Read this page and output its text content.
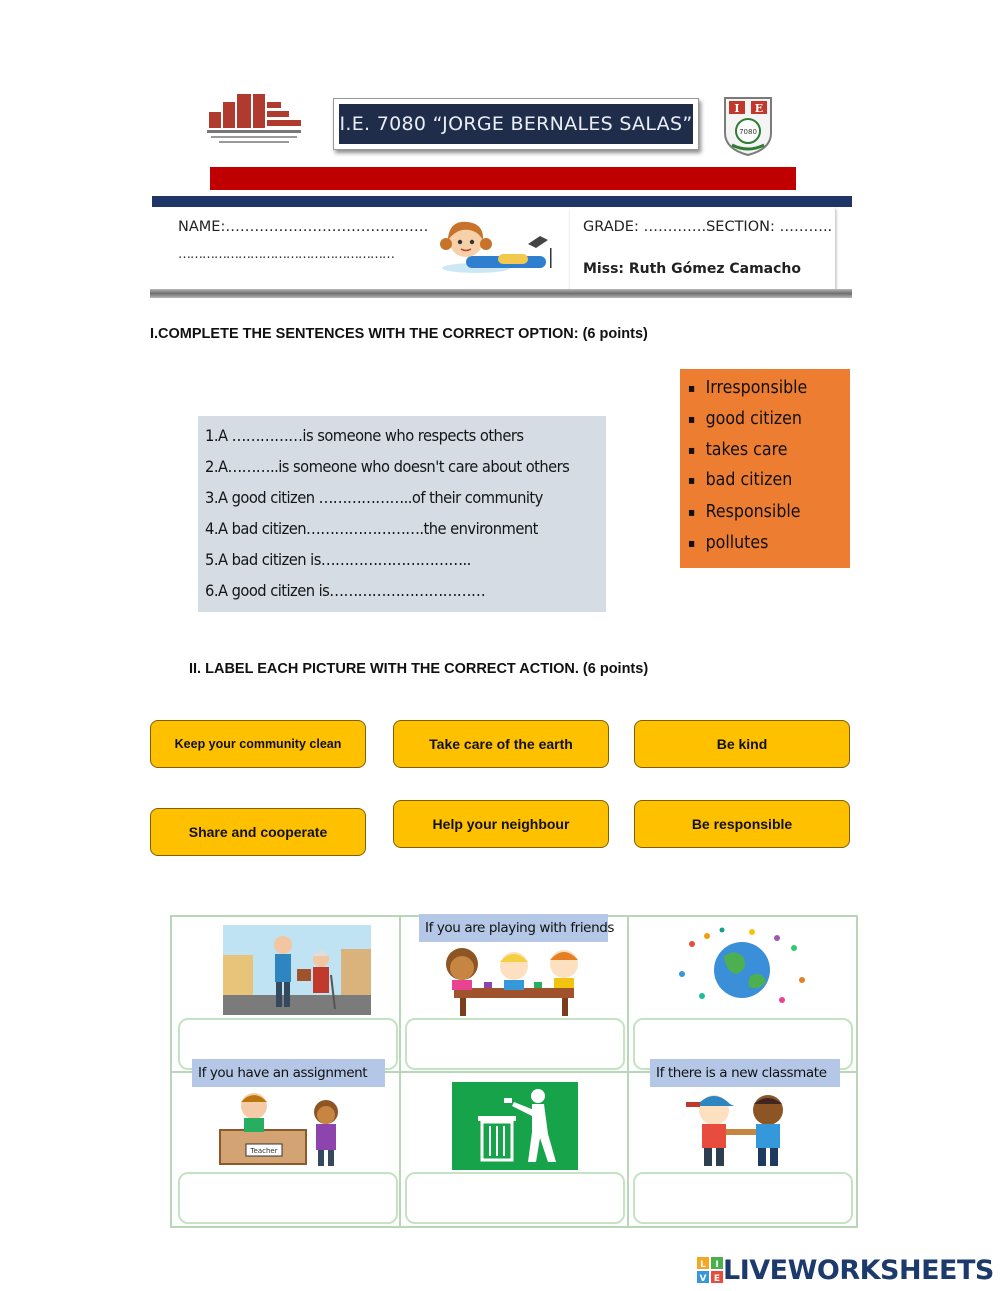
I.E. 7080 “JORGE BERNALES SALAS”
I E
7080
NAME:……………………………………
………………………………………………
GRADE: ………….SECTION: ………..
Miss: Ruth Gómez Camacho
I.COMPLETE THE SENTENCES WITH THE CORRECT OPTION: (6 points)
1.A ……………is someone who respects others
2.A………..is someone who doesn't care about others
3.A good citizen ………………..of their community
4.A bad citizen…………………….the environment
5.A bad citizen is…………………………..
6.A good citizen is……………………………
▪ Irresponsible
▪ good citizen
▪ takes care
▪ bad citizen
▪ Responsible
▪ pollutes
II. LABEL EACH PICTURE WITH THE CORRECT ACTION. (6 points)
Keep your community clean	Take care of the earth	Be kind
Share and cooperate	Help your neighbour	Be responsible
If you are playing with friends
If you have an assignment
Teacher
If there is a new classmate
L I
V E LIVEWORKSHEETS
